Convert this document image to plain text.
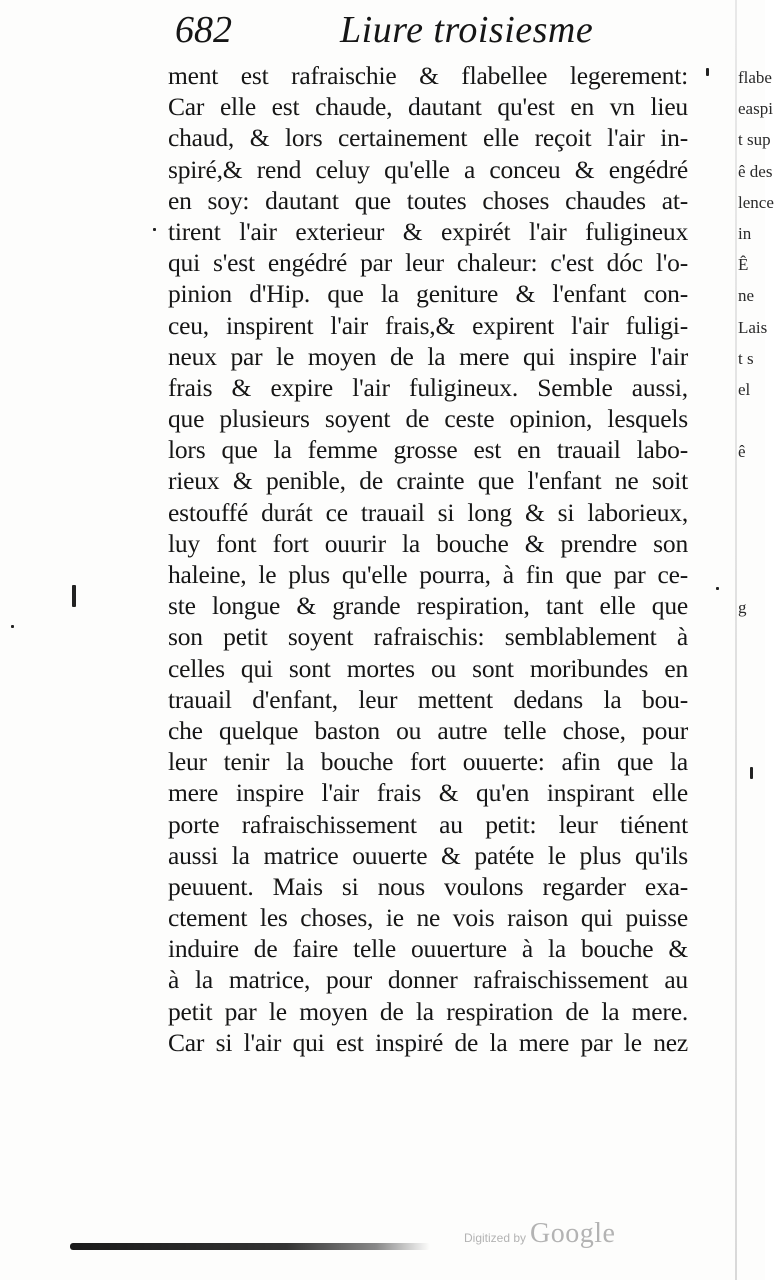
682	Liure troisiesme
ment est rafraischie & flabellee legerement:
Car elle est chaude, dautant qu'est en vn lieu
chaud, & lors certainement elle reçoit l'air in-
spiré,& rend celuy qu'elle a conceu & engédré
en soy: dautant que toutes choses chaudes at-
tirent l'air exterieur & expirét l'air fuligineux
qui s'est engédré par leur chaleur: c'est dóc l'o-
pinion d'Hip. que la geniture & l'enfant con-
ceu, inspirent l'air frais,& expirent l'air fuligi-
neux par le moyen de la mere qui inspire l'air
frais & expire l'air fuligineux. Semble aussi,
que plusieurs soyent de ceste opinion, lesquels
lors que la femme grosse est en trauail labo-
rieux & penible, de crainte que l'enfant ne soit
estouffé durát ce trauail si long & si laborieux,
luy font fort ouurir la bouche & prendre son
haleine, le plus qu'elle pourra, à fin que par ce-
ste longue & grande respiration, tant elle que
son petit soyent rafraischis: semblablement à
celles qui sont mortes ou sont moribundes en
trauail d'enfant, leur mettent dedans la bou-
che quelque baston ou autre telle chose, pour
leur tenir la bouche fort ouuerte: afin que la
mere inspire l'air frais & qu'en inspirant elle
porte rafraischissement au petit: leur tiénent
aussi la matrice ouuerte & patéte le plus qu'ils
peuuent. Mais si nous voulons regarder exa-
ctement les choses, ie ne vois raison qui puisse
induire de faire telle ouuerture à la bouche &
à la matrice, pour donner rafraischissement au
petit par le moyen de la respiration de la mere.
Car si l'air qui est inspiré de la mere par le nez
flabe
easpi
t sup
ê des
lence
in
Ê
ne
Lais
t s
el
ê
g
Digitized by Google
